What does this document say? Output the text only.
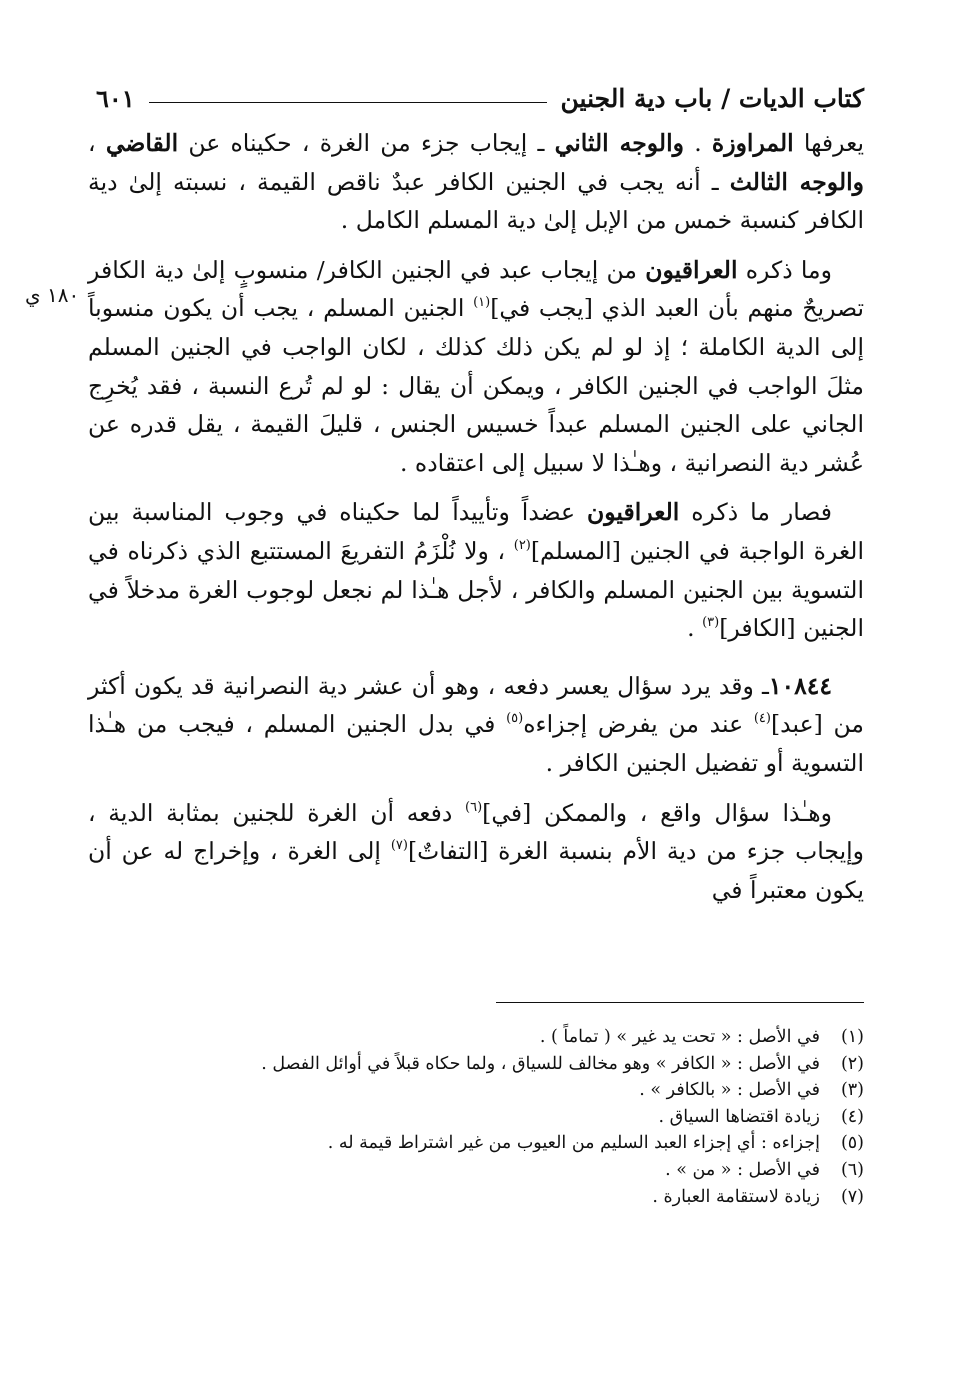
كتاب الديات / باب دية الجنين
٦٠١
١٨٠ ي

يعرفها المراوزة . والوجه الثاني ـ إيجاب جزء من الغرة ، حكيناه عن القاضي ، والوجه الثالث ـ أنه يجب في الجنين الكافر عبدٌ ناقص القيمة ، نسبته إلىٰ دية الكافر كنسبة خمس من الإبل إلىٰ دية المسلم الكامل .

وما ذكره العراقيون من إيجاب عبد في الجنين الكافر/ منسوبٍ إلىٰ دية الكافر تصريحٌ منهم بأن العبد الذي [يجب في]$^{(١)}$ الجنين المسلم ، يجب أن يكون منسوباً إلى الدية الكاملة ؛ إذ لو لم يكن ذلك كذلك ، لكان الواجب في الجنين المسلم مثلَ الواجب في الجنين الكافر ، ويمكن أن يقال : لو لم تُرع النسبة ، فقد يُخرِج الجاني على الجنين المسلم عبداً خسيس الجنس ، قليلَ القيمة ، يقل قدره عن عُشر دية النصرانية ، وهـٰذا لا سبيل إلى اعتقاده .

فصار ما ذكره العراقيون عضداً وتأييداً لما حكيناه في وجوب المناسبة بين الغرة الواجبة في الجنين [المسلم]$^{(٢)}$ ، ولا نُلْزَمُ التفريعَ المستتبع الذي ذكرناه في التسوية بين الجنين المسلم والكافر ، لأجل هـٰذا لم نجعل لوجوب الغرة مدخلاً في الجنين [الكافر]$^{(٣)}$ .

١٠٨٤٤ـ وقد يرد سؤال يعسر دفعه ، وهو أن عشر دية النصرانية قد يكون أكثر من [عبد]$^{(٤)}$ عند من يفرض إجزاءه$^{(٥)}$ في بدل الجنين المسلم ، فيجب من هـٰذا التسوية أو تفضيل الجنين الكافر .

وهـٰذا سؤال واقع ، والممكن [في]$^{(٦)}$ دفعه أن الغرة للجنين بمثابة الدية ، وإيجاب جزء من دية الأم بنسبة الغرة [التفاتٌ]$^{(٧)}$ إلى الغرة ، وإخراج له عن أن يكون معتبراً في

(١)
في الأصل : « تحت يد غير » ( تماماً ) .
(٢)
في الأصل : « الكافر » وهو مخالف للسياق ، ولما حكاه قبلاً في أوائل الفصل .
(٣)
في الأصل : « بالكافر » .
(٤)
زيادة اقتضاها السياق .
(٥)
إجزاءه : أي إجزاء العبد السليم من العيوب من غير اشتراط قيمة له .
(٦)
في الأصل : « من » .
(٧)
زيادة لاستقامة العبارة .
